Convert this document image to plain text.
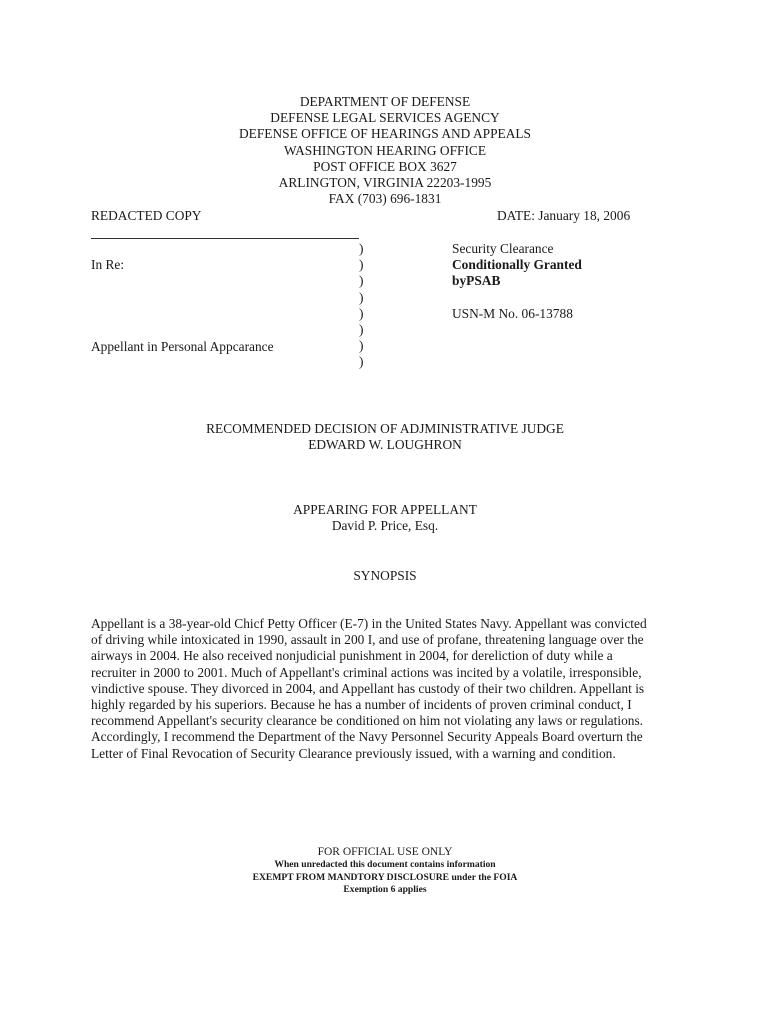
DEPARTMENT OF DEFENSE
DEFENSE LEGAL SERVICES AGENCY
DEFENSE OFFICE OF HEARINGS AND APPEALS
WASHINGTON HEARING OFFICE
POST OFFICE BOX 3627
ARLINGTON, VIRGINIA 22203-1995
FAX (703) 696-1831
REDACTED COPY	DATE: January 18, 2006
)
)
)
)
)
)
)
)
In Re:
Appellant in Personal Appcarance
Security Clearance
Conditionally Granted
byPSAB

USN-M No. 06-13788
RECOMMENDED DECISION OF ADJMINISTRATIVE JUDGE
EDWARD W. LOUGHRON
APPEARING FOR APPELLANT
David P. Price, Esq.
SYNOPSIS
Appellant is a 38-year-old Chicf Petty Officer (E-7) in the United States Navy. Appellant was convicted
of driving while intoxicated in 1990, assault in 200 I, and use of profane, threatening language over the
airways in 2004. He also received nonjudicial punishment in 2004, for dereliction of duty while a
recruiter in 2000 to 2001. Much of Appellant's criminal actions was incited by a volatile, irresponsible,
vindictive spouse. They divorced in 2004, and Appellant has custody of their two children. Appellant is
highly regarded by his superiors. Because he has a number of incidents of proven criminal conduct, I
recommend Appellant's security clearance be conditioned on him not violating any laws or regulations.
Accordingly, I recommend the Department of the Navy Personnel Security Appeals Board overturn the
Letter of Final Revocation of Security Clearance previously issued, with a warning and condition.
FOR OFFICIAL USE ONLY
When unredacted this document contains information
EXEMPT FROM MANDTORY DISCLOSURE under the FOIA
Exemption 6 applies
